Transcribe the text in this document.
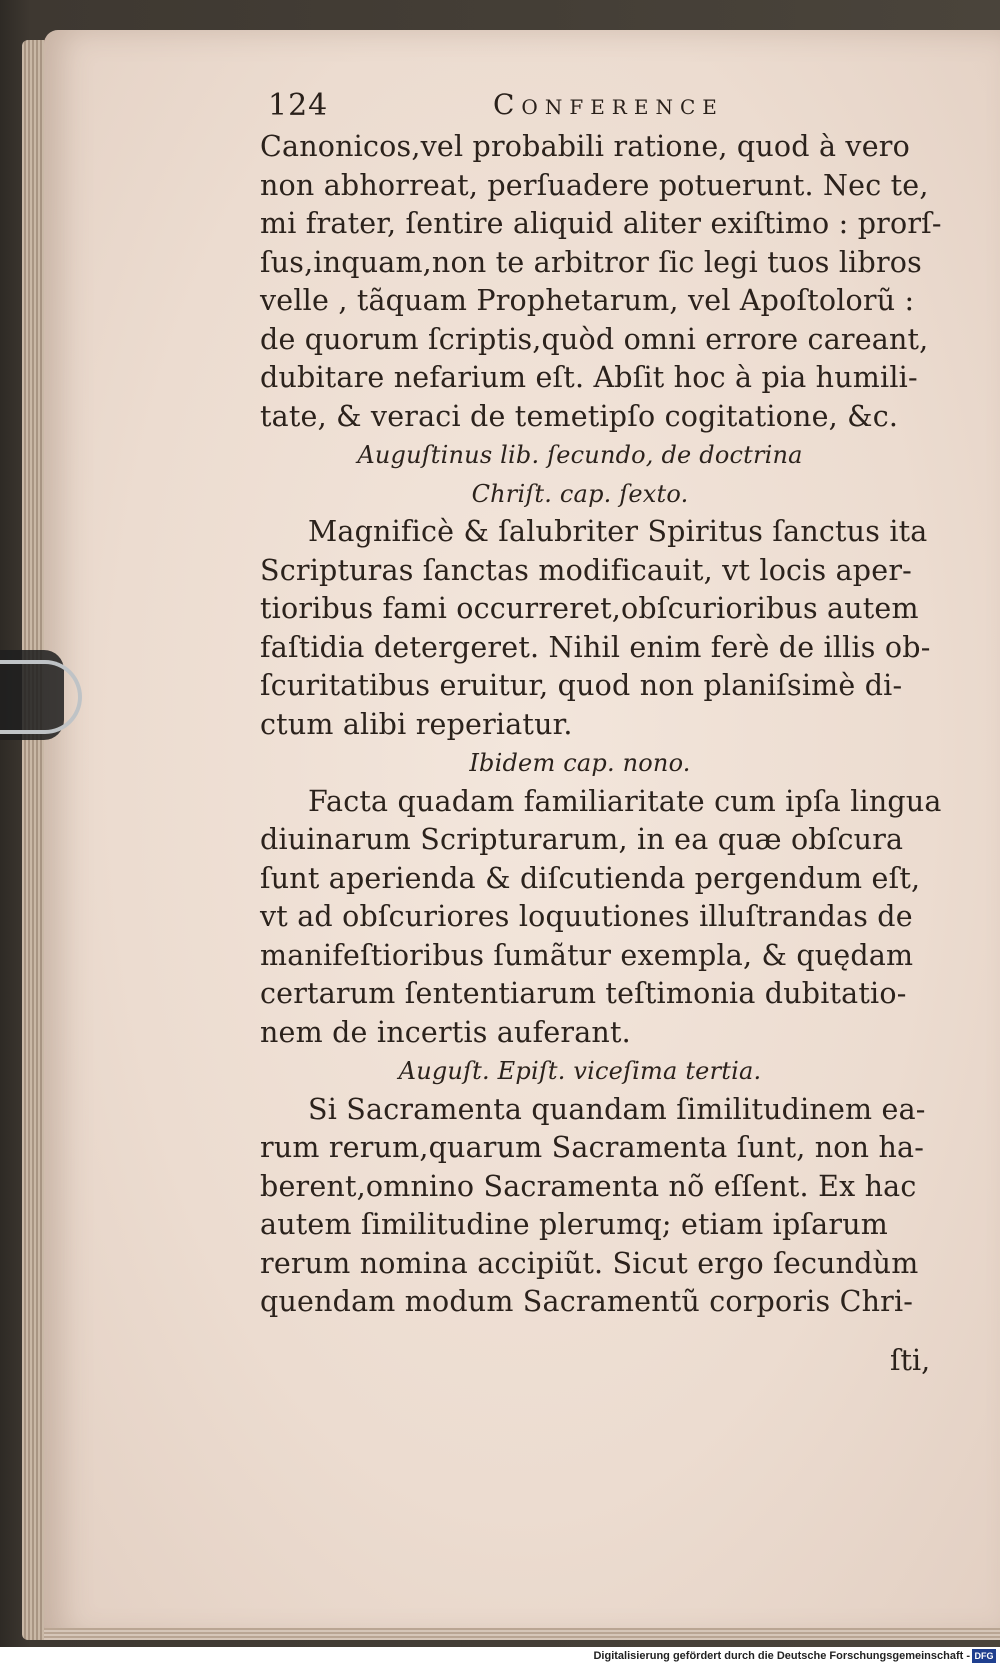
124	Conference
Canonicos,vel probabili ratione, quod à vero
non abhorreat, perſuadere potuerunt. Nec te,
mi frater, ſentire aliquid aliter exiſtimo : prorſ-
ſus,inquam,non te arbitror ſic legi tuos libros
velle , tãquam Prophetarum, vel Apoſtolorũ :
de quorum ſcriptis,quòd omni errore careant,
dubitare nefarium eſt. Abſit hoc à pia humili-
tate, & veraci de temetipſo cogitatione, &c.
Auguſtinus lib. ſecundo, de doctrina
Chriſt. cap. ſexto.
Magnificè & ſalubriter Spiritus ſanctus ita
Scripturas ſanctas modificauit, vt locis aper-
tioribus fami occurreret,obſcurioribus autem
faſtidia detergeret. Nihil enim ferè de illis ob-
ſcuritatibus eruitur, quod non planiſsimè di-
ctum alibi reperiatur.
Ibidem cap. nono.
Facta quadam familiaritate cum ipſa lingua
diuinarum Scripturarum, in ea quæ obſcura
ſunt aperienda & diſcutienda pergendum eſt,
vt ad obſcuriores loquutiones illuſtrandas de
manifeſtioribus ſumãtur exempla, & quędam
certarum ſententiarum teſtimonia dubitatio-
nem de incertis auferant.
Auguſt. Epiſt. viceſima tertia.
Si Sacramenta quandam ſimilitudinem ea-
rum rerum,quarum Sacramenta ſunt, non ha-
berent,omnino Sacramenta nõ eſſent. Ex hac
autem ſimilitudine plerumq; etiam ipſarum
rerum nomina accipiũt. Sicut ergo ſecundùm
quendam modum Sacramentũ corporis Chri-
ſti,
Digitalisierung gefördert durch die Deutsche Forschungsgemeinschaft - DFG
